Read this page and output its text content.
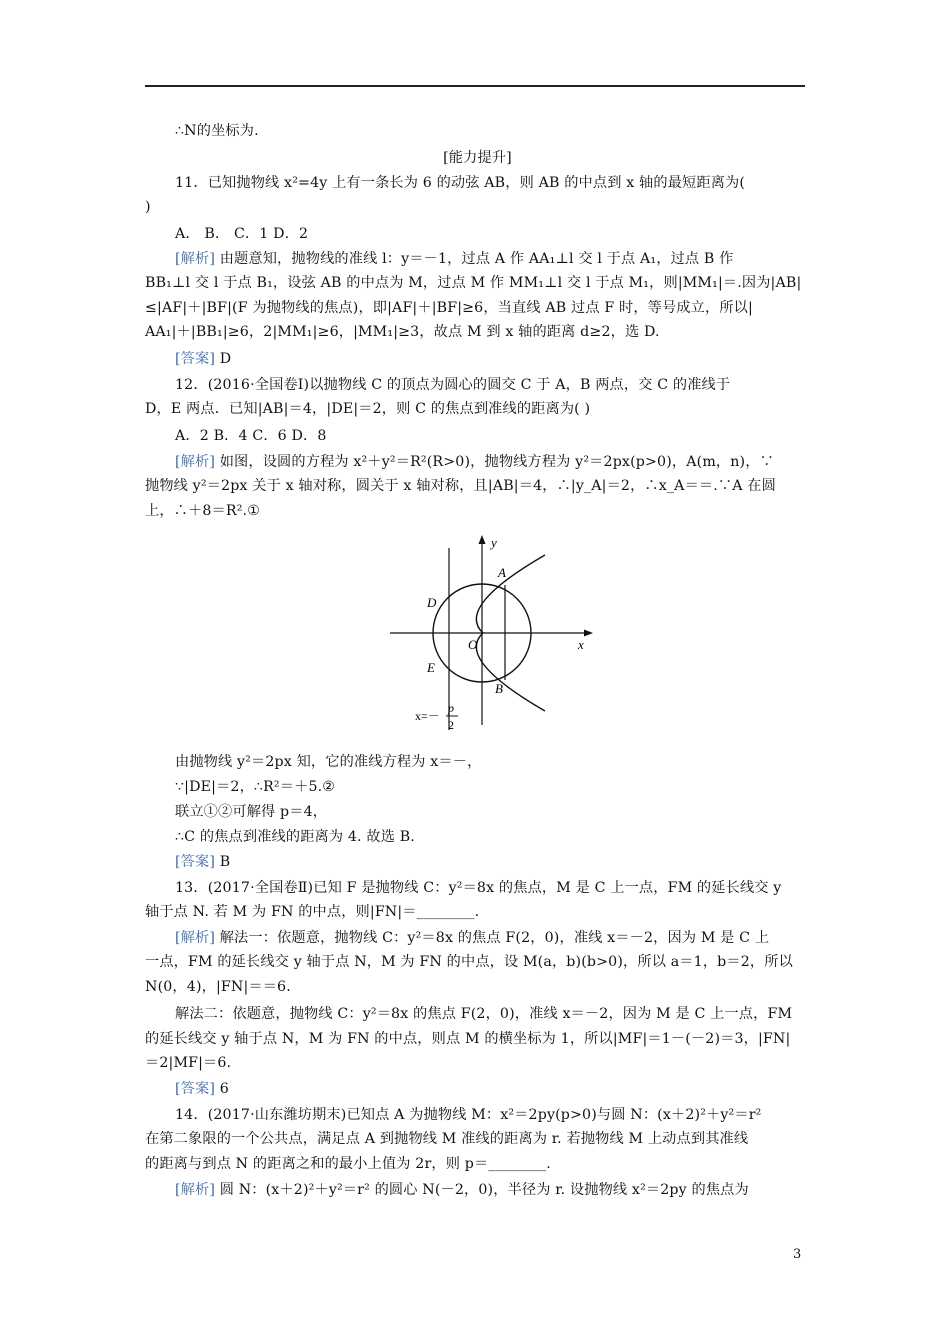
∴N的坐标为.
[能力提升]
11．已知抛物线 x²=4y 上有一条长为 6 的动弦 AB，则 AB 的中点到 x 轴的最短距离为(
)
A． B． C．1 D．2
[解析] 由题意知，抛物线的准线 l：y＝－1，过点 A 作 AA₁⊥l 交 l 于点 A₁，过点 B 作
BB₁⊥l 交 l 于点 B₁，设弦 AB 的中点为 M，过点 M 作 MM₁⊥l 交 l 于点 M₁，则|MM₁|＝.因为|AB|
≤|AF|＋|BF|(F 为抛物线的焦点)，即|AF|＋|BF|≥6，当直线 AB 过点 F 时，等号成立，所以|
AA₁|＋|BB₁|≥6，2|MM₁|≥6，|MM₁|≥3，故点 M 到 x 轴的距离 d≥2，选 D.
[答案] D
12．(2016·全国卷Ⅰ)以抛物线 C 的顶点为圆心的圆交 C 于 A，B 两点，交 C 的准线于
D，E 两点．已知|AB|＝4，|DE|＝2，则 C 的焦点到准线的距离为( )
A．2 B．4 C．6 D．8
[解析] 如图，设圆的方程为 x²＋y²＝R²(R>0)，抛物线方程为 y²＝2px(p>0)，A(m，n)，∵
抛物线 y²＝2px 关于 x 轴对称，圆关于 x 轴对称，且|AB|＝4，∴|y_A|＝2，∴x_A＝＝.∵A 在圆
上，∴＋8＝R².①
由抛物线 y²＝2px 知，它的准线方程为 x＝－，
∵|DE|＝2，∴R²＝＋5.②
联立①②可解得 p＝4，
∴C 的焦点到准线的距离为 4. 故选 B.
[答案] B
13．(2017·全国卷Ⅱ)已知 F 是抛物线 C：y²＝8x 的焦点，M 是 C 上一点，FM 的延长线交 y
轴于点 N. 若 M 为 FN 的中点，则|FN|＝________.
[解析] 解法一：依题意，抛物线 C：y²＝8x 的焦点 F(2，0)，准线 x＝－2，因为 M 是 C 上
一点，FM 的延长线交 y 轴于点 N，M 为 FN 的中点，设 M(a，b)(b>0)，所以 a＝1，b＝2，所以
N(0，4)，|FN|＝＝6.
解法二：依题意，抛物线 C：y²＝8x 的焦点 F(2，0)，准线 x＝－2，因为 M 是 C 上一点，FM
的延长线交 y 轴于点 N，M 为 FN 的中点，则点 M 的横坐标为 1，所以|MF|＝1－(－2)＝3，|FN|
＝2|MF|＝6.
[答案] 6
14．(2017·山东潍坊期末)已知点 A 为抛物线 M：x²＝2py(p>0)与圆 N：(x＋2)²＋y²＝r²
在第二象限的一个公共点，满足点 A 到抛物线 M 准线的距离为 r. 若抛物线 M 上动点到其准线
的距离与到点 N 的距离之和的最小上值为 2r，则 p＝________.
[解析] 圆 N：(x＋2)²＋y²＝r² 的圆心 N(－2，0)，半径为 r. 设抛物线 x²＝2py 的焦点为
y
x
O
A
B
D
E
x=－
p
2
3
